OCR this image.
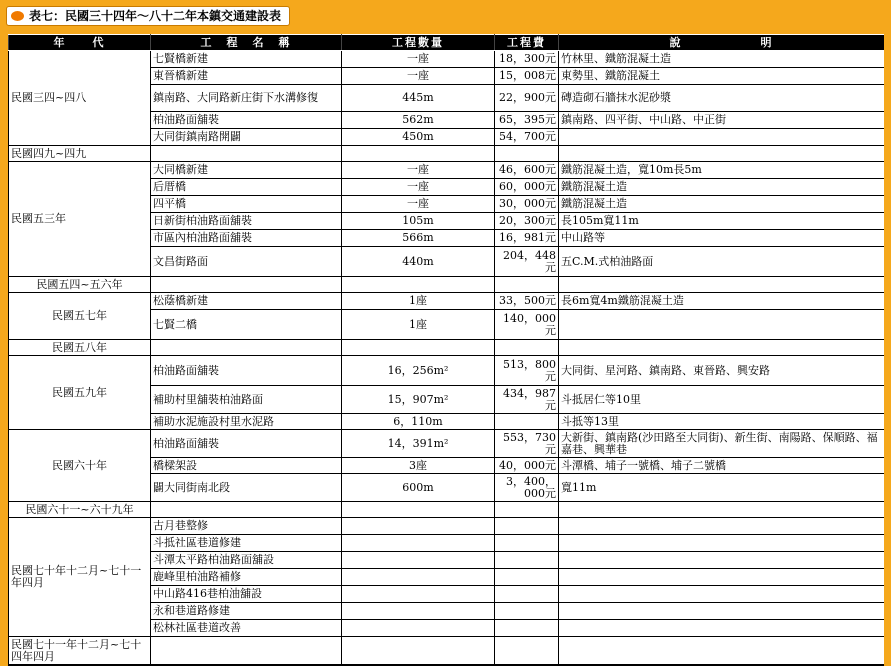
表七：民國三十四年～八十二年本鎮交通建設表
年　　代	工　程　名　稱	工程數量	工程費	說　　　　　　明
民國三四~四八	七賢橋新建	一座	18，300元	竹林里、鐵筋混凝土造
	東晉橋新建	一座	15，008元	東勢里、鐵筋混凝土
	鎮南路、大同路新庄街下水溝修復	445m	22，900元	磚造砌石牆抹水泥砂漿
	柏油路面舖裝	562m	65，395元	鎮南路、四平街、中山路、中正街
	大同街鎮南路開闢	450m	54，700元	
民國四九~四九				
民國五三年	大同橋新建	一座	46，600元	鐵筋混凝土造，寬10m長5m
	后厝橋	一座	60，000元	鐵筋混凝土造
	四平橋	一座	30，000元	鐵筋混凝土造
	日新街柏油路面舖裝	105m	20，300元	長105m寬11m
	市區內柏油路面舖裝	566m	16，981元	中山路等
	文昌街路面	440m	204，448元	五C.M.式柏油路面
民國五四~五六年				
民國五七年	松蔭橋新建	1座	33，500元	長6m寬4m鐵筋混凝土造
	七賢二橋	1座	140，000元	
民國五八年				
民國五九年	柏油路面舖裝	16，256m²	513，800元	大同街、星河路、鎮南路、東晉路、興安路
	補助村里舖裝柏油路面	15，907m²	434，987元	斗抵居仁等10里
	補助水泥施設村里水泥路	6，110m		斗抵等13里
民國六十年	柏油路面舖裝	14，391m²	553，730元	大新街、鎮南路(沙田路至大同街)、新生街、南陽路、保順路、福嘉巷、興華巷
	橋樑架設	3座	40，000元	斗潭橋、埔子一號橋、埔子二號橋
	闢大同街南北段	600m	3，400，000元	寬11m
民國六十一~六十九年				
民國七十年十二月~七十一年四月	古月巷整修			
	斗抵社區巷道修建			
	斗潭太平路柏油路面舖設			
	鹿峰里柏油路補修			
	中山路416巷柏油舖設			
	永和巷道路修建			
	松林社區巷道改善			
民國七十一年十二月~七十四年四月				
